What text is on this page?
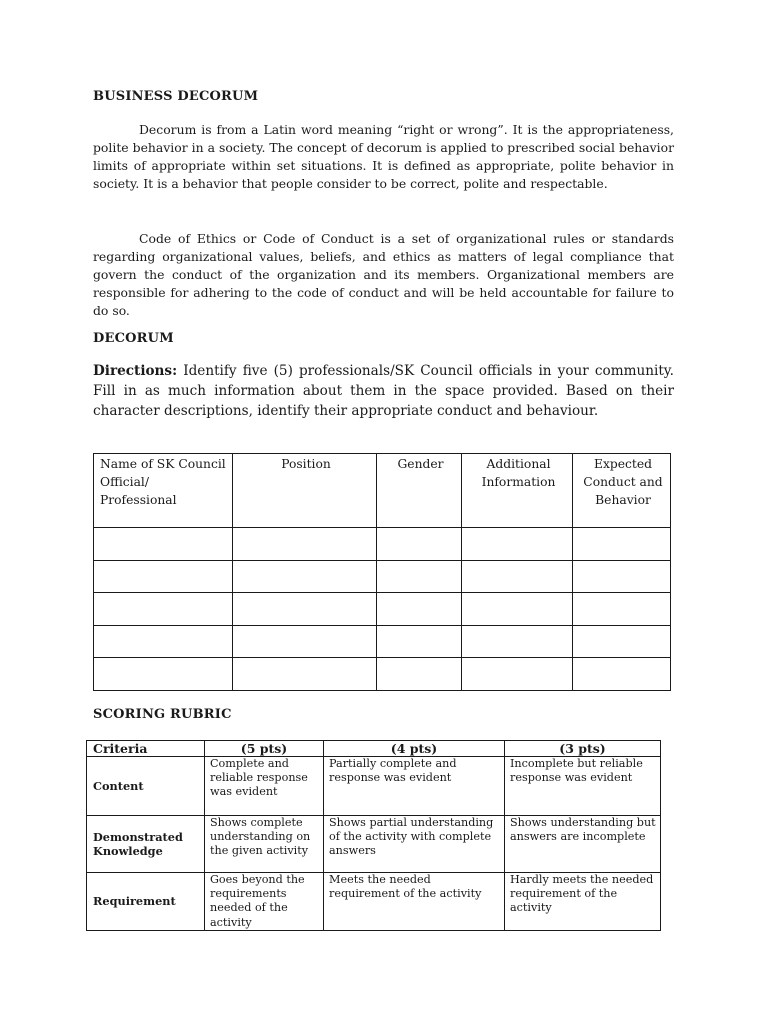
BUSINESS DECORUM

Decorum is from a Latin word meaning “right or wrong”. It is the appropriateness, polite behavior in a society. The concept of decorum is applied to prescribed social behavior limits of appropriate within set situations. It is defined as appropriate, polite behavior in society. It is a behavior that people consider to be correct, polite and respectable.

Code of Ethics or Code of Conduct is a set of organizational rules or standards regarding organizational values, beliefs, and ethics as matters of legal compliance that govern the conduct of the organization and its members. Organizational members are responsible for adhering to the code of conduct and will be held accountable for failure to do so.

DECORUM

Directions: Identify five (5) professionals/SK Council officials in your community. Fill in as much information about them in the space provided. Based on their character descriptions, identify their appropriate conduct and behaviour.

Name of SK Council Official/ Professional	Position	Gender	Additional Information	Expected Conduct and Behavior

SCORING RUBRIC
Criteria	(5 pts)	(4 pts)	(3 pts)
Content	Complete and reliable response was evident	Partially complete and response was evident	Incomplete but reliable response was evident
Demonstrated Knowledge	Shows complete understanding on the given activity	Shows partial understanding of the activity with complete answers	Shows understanding but answers are incomplete
Requirement	Goes beyond the requirements needed of the activity	Meets the needed requirement of the activity	Hardly meets the needed requirement of the activity
